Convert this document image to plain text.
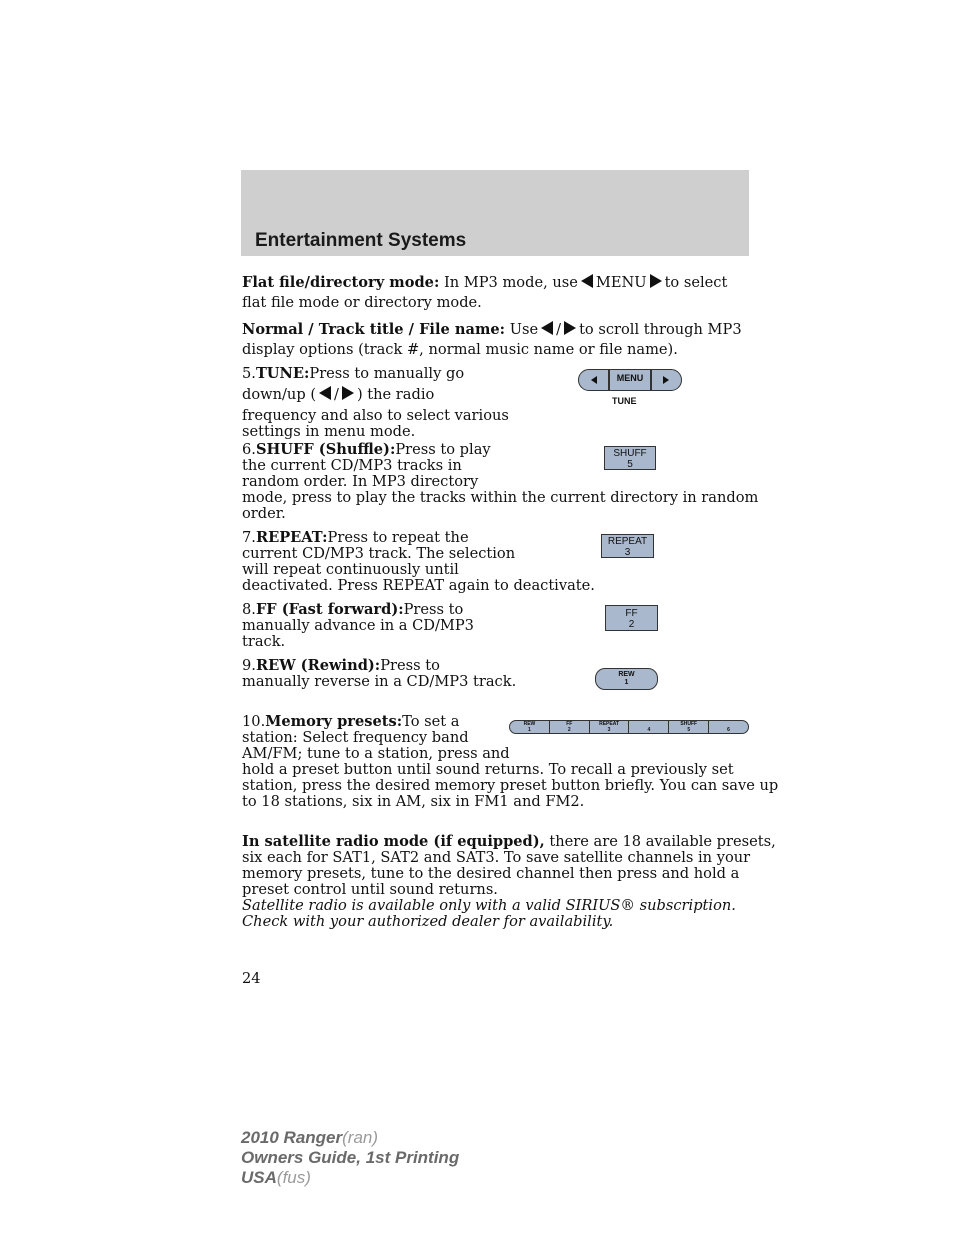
Entertainment Systems
Flat file/directory mode: In MP3 mode, use MENU to select
flat file mode or directory mode.
Normal / Track title / File name: Use / to scroll through MP3
display options (track #, normal music name or file name).
5.TUNE:Press to manually go
down/up ( / ) the radio
frequency and also to select various
settings in menu mode.
MENU
TUNE
6.SHUFF (Shuffle):Press to play
the current CD/MP3 tracks in
random order. In MP3 directory
mode, press to play the tracks within the current directory in random
order.
SHUFF
5
7.REPEAT:Press to repeat the
current CD/MP3 track. The selection
will repeat continuously until
deactivated. Press REPEAT again to deactivate.
REPEAT
3
8.FF (Fast forward):Press to
manually advance in a CD/MP3
track.
FF
2
9.REW (Rewind):Press to
manually reverse in a CD/MP3 track.	REW
1
10.Memory presets:To set a
station: Select frequency band
AM/FM; tune to a station, press and
hold a preset button until sound returns. To recall a previously set
station, press the desired memory preset button briefly. You can save up
to 18 stations, six in AM, six in FM1 and FM2.
REW
1
FF
2
REPEAT
3
	4
SHUFF
5
	6
In satellite radio mode (if equipped), there are 18 available presets,
six each for SAT1, SAT2 and SAT3. To save satellite channels in your
memory presets, tune to the desired channel then press and hold a
preset control until sound returns.
Satellite radio is available only with a valid SIRIUS® subscription.
Check with your authorized dealer for availability.
24
2010 Ranger(ran)
Owners Guide, 1st Printing
USA(fus)
